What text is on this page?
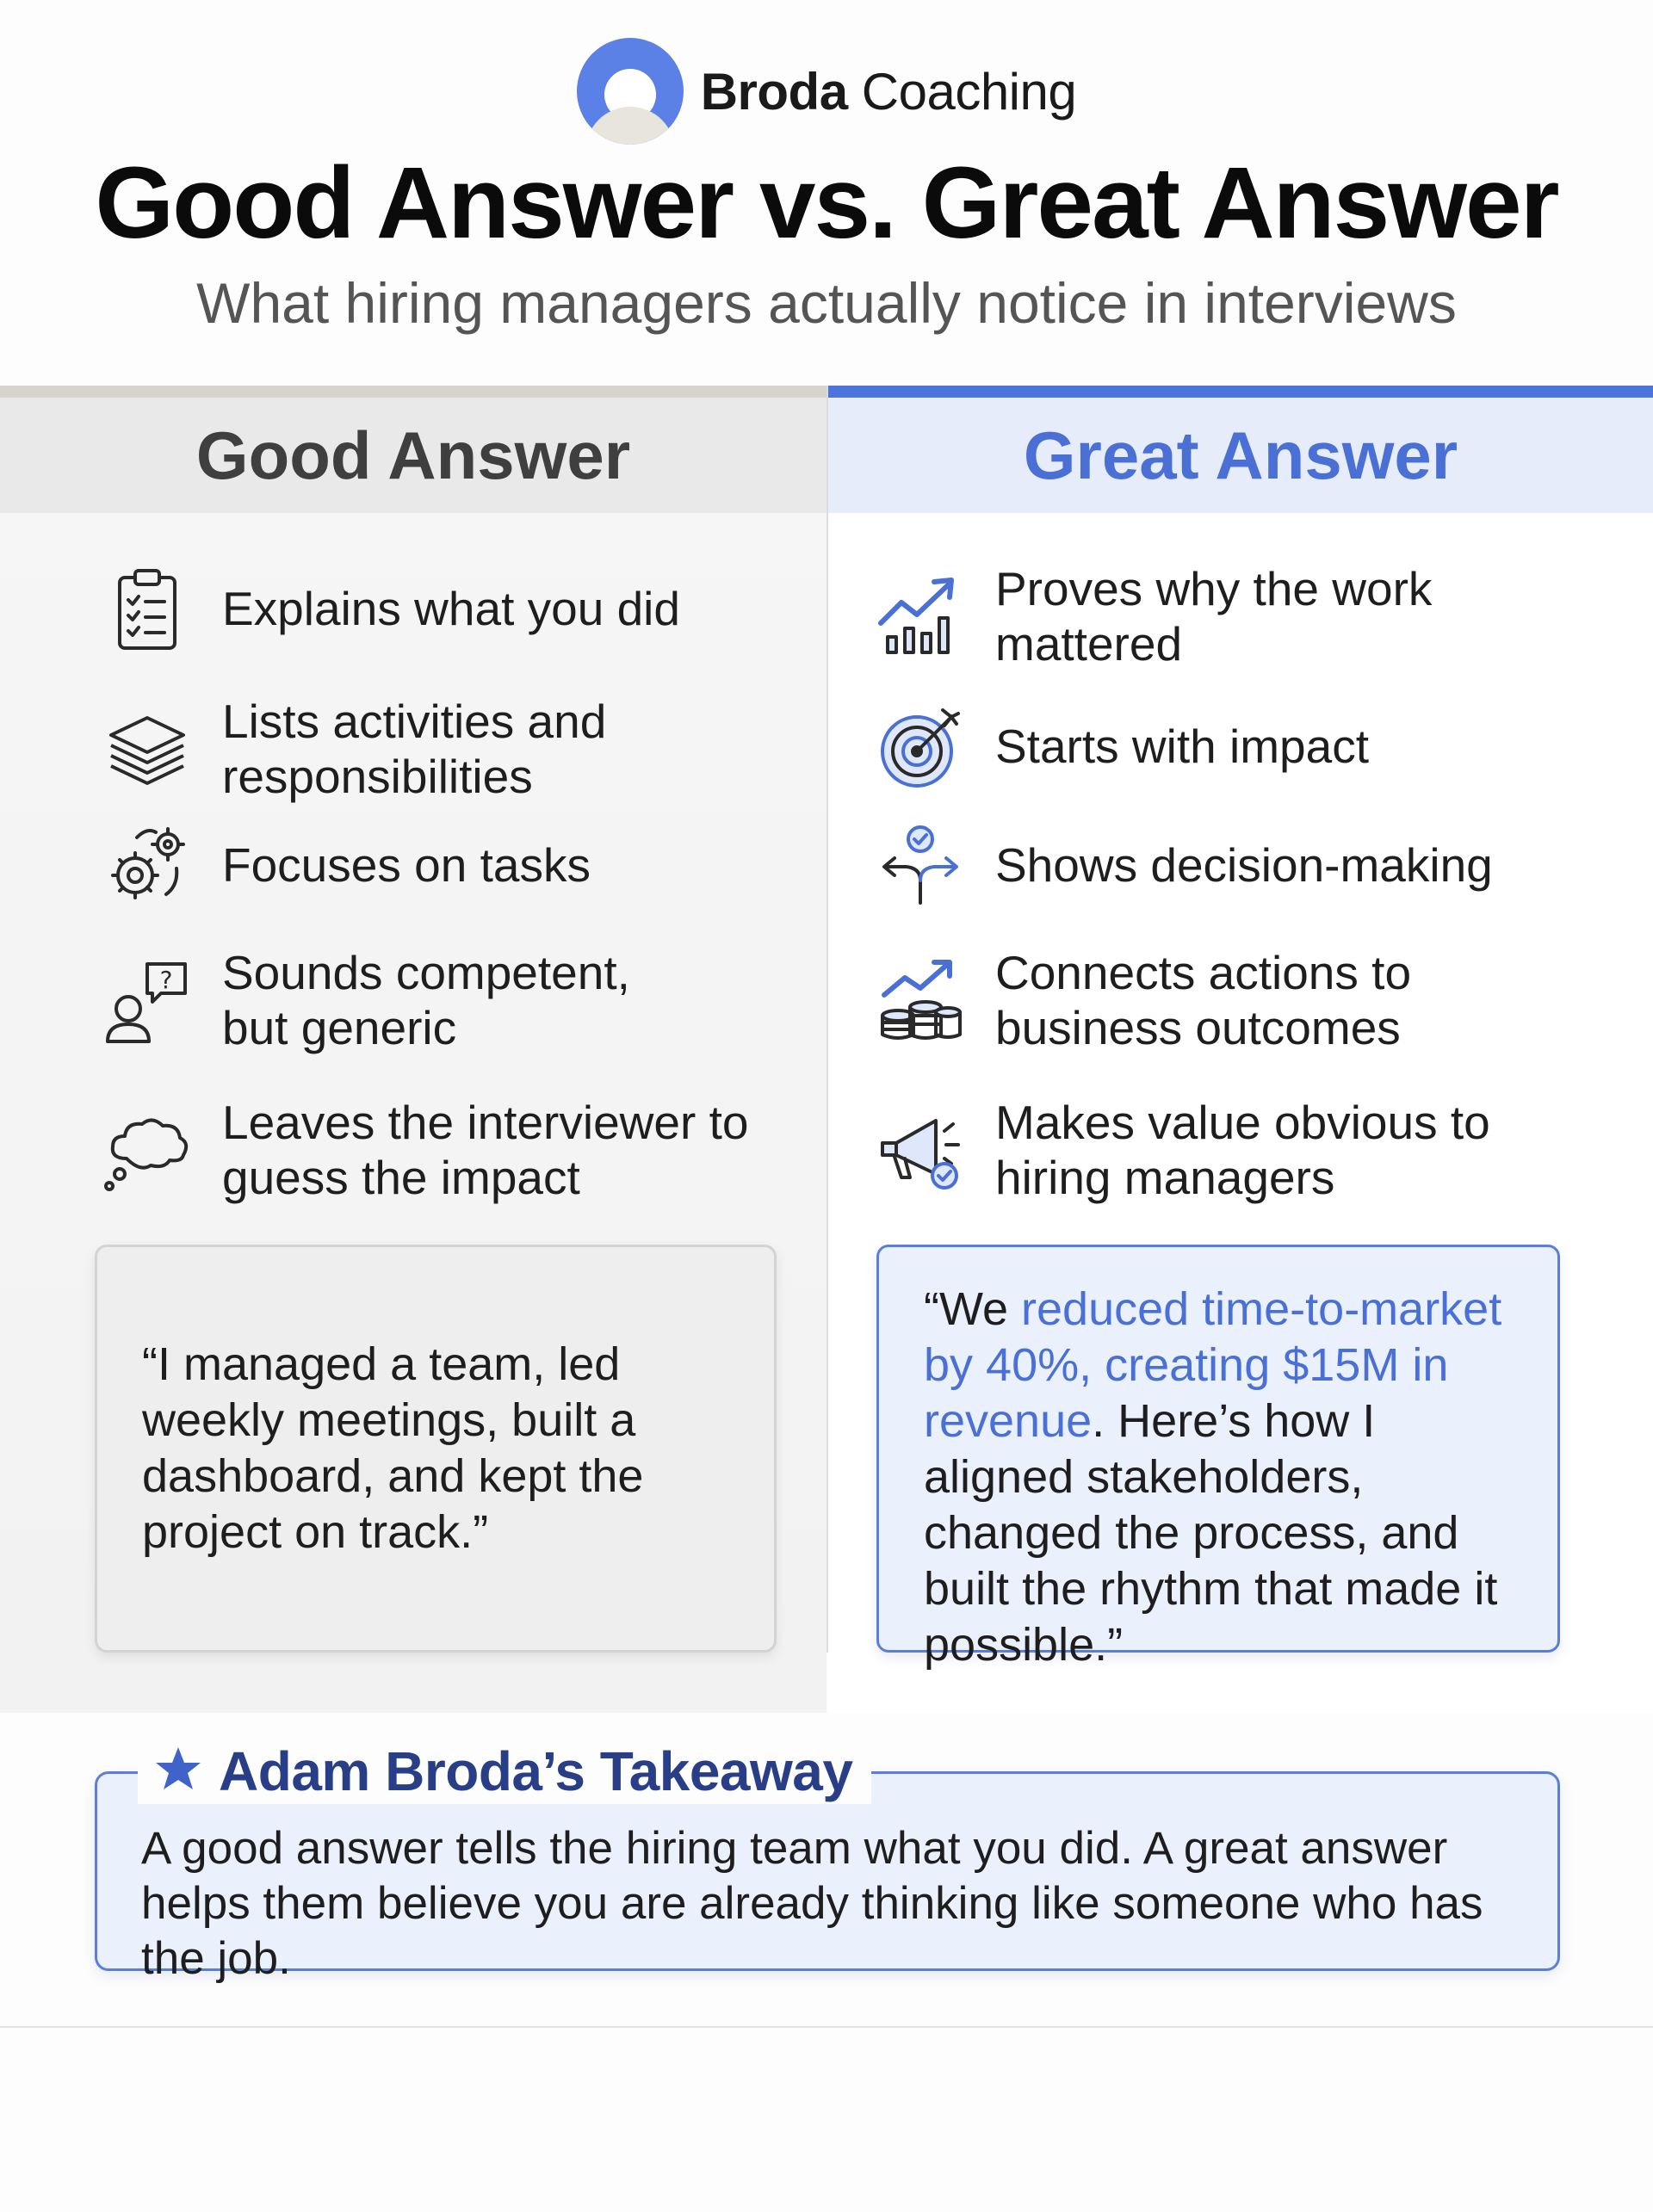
Broda Coaching
Good Answer vs. Great Answer
What hiring managers actually notice in interviews
Good Answer	Great Answer
Explains what you did
Lists activities and
responsibilities
Focuses on tasks
? Sounds competent,
but generic
Leaves the interviewer to
guess the impact
Proves why the work
mattered
Starts with impact
Shows decision-making
Connects actions to
business outcomes
Makes value obvious to
hiring managers
“I managed a team, led weekly meetings, built a dashboard, and kept the project on track.”
“We reduced time-to-market by 40%, creating $15M in revenue. Here’s how I aligned stakeholders, changed the process, and built the rhythm that made it possible.”
Adam Broda’s Takeaway
A good answer tells the hiring team what you did. A great answer helps them believe you are already thinking like someone who has the job.
